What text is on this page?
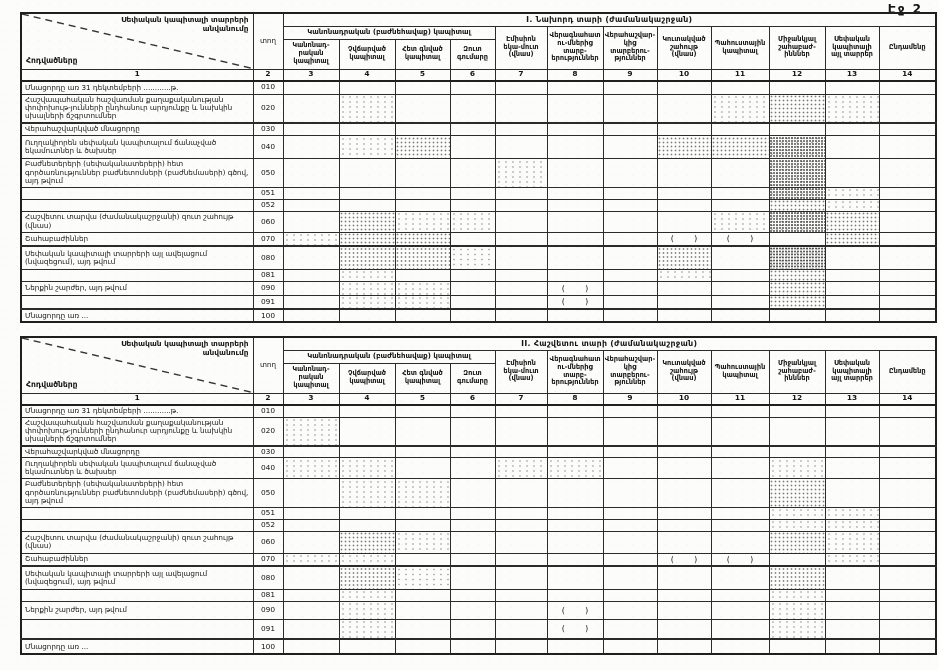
Էջ 2
Սեփական կապիտալի տարրերի անվանումը
Հոդվածները	տող	I. Նախորդ տարի (ժամանակաշրջան)											
		Կանոնադրական (բաժնեհավաք) կապիտալ				Էմիսիոն եկա-մուտ (վնաս)	Վերագնահատու-մներից տարբ-երություններ	Վերահաշվար-կից տարբերու-թյուններ	Կուտակված շահույթ (վնաս)	Պահուստային կապիտալ	Միջանկյալ շահաբաժ-ինններ	Սեփական կապիտալի այլ տարրեր	Ընդամենը
		Կանոնադ-րական կապիտալ	Չվճարված կապիտալ	Հետ գնված կապիտալ	Զուտ գումարը								
1	2	3	4	5	6	7	8	9	10	11	12	13	14
Մնացորդը առ 31 դեկտեմբերի ............թ.	010												
Հաշվապահական հաշվառման քաղաքականության փոփոխութ-յունների ընդհանուր արդյունքը և նախկին սխալների ճշգրտումներ	020												
Վերահաշվարկված մնացորդը	030												
Ուղղակիորեն սեփական կապիտալում ճանաչված եկամուտներ և ծախսեր	040												
Բաժնետերերի (սեփականատերերի) հետ գործառնություններ բաժնետոմսերի (բաժնեմասերի) գծով, այդ թվում	050												
	051												
	052												
Հաշվետու տարվա (ժամանակաշրջանի) զուտ շահույթ (վնաս)	060												
Շահաբաժիններ	070								(        )	(        )			
Սեփական կապիտալի տարրերի այլ ավելացում (նվազեցում), այդ թվում	080												
	081												
Ներքին շարժեր, այդ թվում	090						(        )						
	091						(        )						
Մնացորդը առ ...	100												
Սեփական կապիտալի տարրերի անվանումը
Հոդվածները	տող	II. Հաշվետու տարի (ժամանակաշրջան)											
		Կանոնադրական (բաժնեհավաք) կապիտալ				Էմիսիոն եկա-մուտ (վնաս)	Վերագնահատու-մներից տարբ-երություններ	Վերահաշվար-կից տարբերու-թյուններ	Կուտակված շահույթ (վնաս)	Պահուստային կապիտալ	Միջանկյալ շահաբաժ-ինններ	Սեփական կապիտալի այլ տարրեր	Ընդամենը
		Կանոնադ-րական կապիտալ	Չվճարված կապիտալ	Հետ գնված կապիտալ	Զուտ գումարը								
1	2	3	4	5	6	7	8	9	10	11	12	13	14
Մնացորդը առ 31 դեկտեմբերի ............թ.	010												
Հաշվապահական հաշվառման քաղաքականության փոփոխութ-յունների ընդհանուր արդյունքը և նախկին սխալների ճշգրտումներ	020												
Վերահաշվարկված մնացորդը	030												
Ուղղակիորեն սեփական կապիտալում ճանաչված եկամուտներ և ծախսեր	040												
Բաժնետերերի (սեփականատերերի) հետ գործառնություններ բաժնետոմսերի (բաժնեմասերի) գծով, այդ թվում	050												
	051												
	052												
Հաշվետու տարվա (ժամանակաշրջանի) զուտ շահույթ (վնաս)	060												
Շահաբաժիններ	070								(        )	(        )			
Սեփական կապիտալի տարրերի այլ ավելացում (նվազեցում), այդ թվում	080												
	081												
Ներքին շարժեր, այդ թվում	090						(        )						
	091						(        )						
Մնացորդը առ ...	100												
